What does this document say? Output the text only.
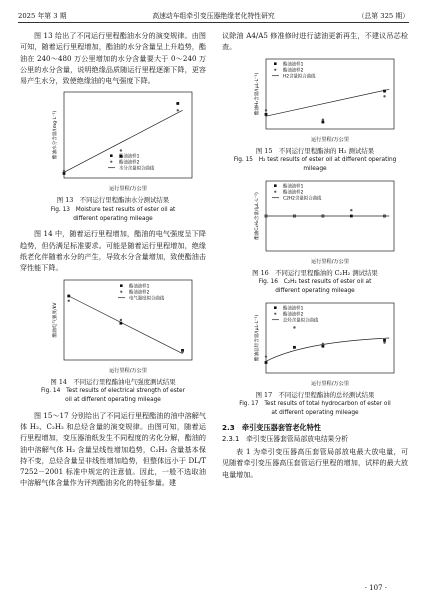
2025 年第 3 期	高速动车组牵引变压器绝缘老化特性研究	（总第 325 期）

图 13 给出了不同运行里程酯油水分的演变规律。由图可知，随着运行里程增加，酯油的水分含量呈上升趋势，酯油在 240～480 万公里增加的水分含量要大于 0～240 万公里的水分含量，说明绝缘品质随运行里程逐渐下降，更容易产生水分，致使绝缘油的电气强度下降。

酯油水分含量/(mg·L⁻¹)
运行里程/万公里
酯油油样1
酯油油样2
水分含量拟合曲线

图 13　不同运行里程酯油水分测试结果

Fig. 13　Moisture test results of ester oil at

different operating mileage

图 14 中，随着运行里程增加，酯油的电气强度呈下降趋势，但仍满足标准要求。可能是随着运行里程增加，绝缘纸老化伴随着水分的产生，导致水分含量增加，致使酯油击穿性能下降。

酯油电气强度/kV
运行里程/万公里
酯油油样1
酯油油样2
电气强度拟合曲线

图 14　不同运行里程酯油电气强度测试结果

Fig. 14　Test results of electrical strength of ester

oil at different operating mileage

图 15～17 分别给出了不同运行里程酯油的油中溶解气体 H₂、C₂H₂ 和总烃含量的演变规律。由图可知，随着运行里程增加，变压器油纸发生不同程度的劣化分解，酯油的油中溶解气体 H₂ 含量呈线性增加趋势，C₂H₂ 含量基本保持不变，总烃含量呈非线性增加趋势，但整体远小于 DL/T 7252－2001 标准中规定的注意值。因此，一般不选取油中溶解气体含量作为评判酯油劣化的特征参量。建

议除油 A4/A5 修准修时进行滤油更新再生，不建议吊芯检查。

酯油H₂含量/(μL·L⁻¹)
运行里程/万公里
酯油油样1
酯油油样2
H2含量拟合曲线

图 15　不同运行里程酯油的 H₂ 测试结果

Fig. 15　H₂ test results of ester oil at different operating mileage

酯油C₂H₂含量/(μL·L⁻¹)
运行里程/万公里
酯油油样1
酯油油样2
C2H2含量拟合曲线

图 16　不同运行里程酯油的 C₂H₂ 测试结果

Fig. 16　C₂H₂ test results of ester oil at

different operating mileage

酯油总烃含量/(μL·L⁻¹)
运行里程/万公里
酯油油样1
酯油油样2
总烃含量拟合曲线

图 17　不同运行里程酯油的总烃测试结果

Fig. 17　Test results of total hydrocarbon of ester oil

at different operating mileage

2.3　牵引变压器套管老化特性

2.3.1　牵引变压器套管局部放电结果分析

表 1 为牵引变压器高压套管局部放电最大放电量，可见随着牵引变压器高压套管运行里程的增加，试样的最大放电量增加。

· 107 ·
